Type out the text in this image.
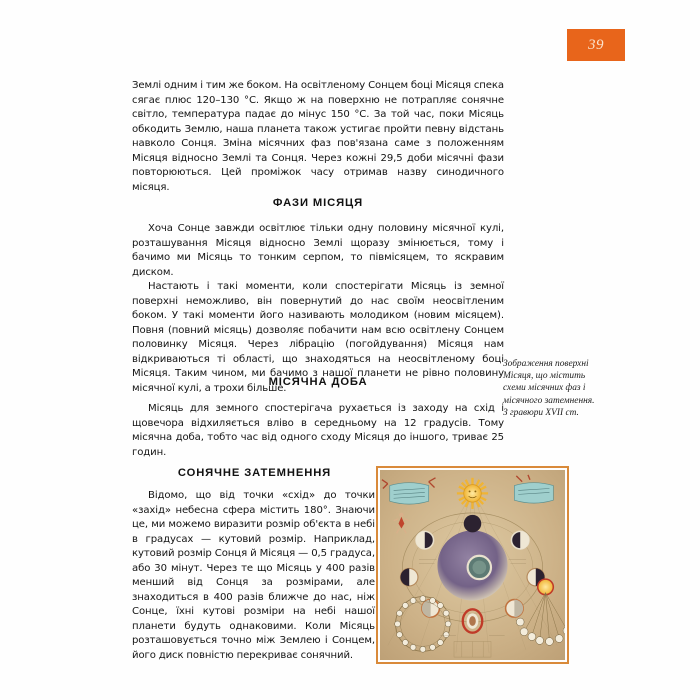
39

Землі одним і тим же боком. На освітленому Сонцем боці Місяця спека сягає плюс 120–130 °С. Якщо ж на поверхню не потрапляє сонячне світло, температура падає до мінус 150 °С. За той час, поки Місяць обкодить Землю, наша планета також устигає пройти певну відстань навколо Сонця. Зміна місячних фаз пов'язана саме з положенням Місяця відносно Землі та Сонця. Через кожні 29,5 доби місячні фази повторюються. Цей проміжок часу отримав назву синодичного місяця.

ФАЗИ МІСЯЦЯ

Хоча Сонце завжди освітлює тільки одну половину місячної кулі, розташування Місяця відносно Землі щоразу змінюється, тому і бачимо ми Місяць то тонким серпом, то півмісяцем, то яскравим диском.

Настають і такі моменти, коли спостерігати Місяць із земної поверхні неможливо, він повернутий до нас своїм неосвітленим боком. У такі моменти його називають молодиком (новим місяцем). Повня (повний місяць) дозволяє побачити нам всю освітлену Сонцем половинку Місяця. Через лібрацію (погойдування) Місяця нам відкриваються ті області, що знаходяться на неосвітленому боці Місяця. Таким чином, ми бачимо з нашої планети не рівно половину місячної кулі, а трохи більше.

МІСЯЧНА ДОБА

Місяць для земного спостерігача рухається із заходу на схід і щовечора відхиляється вліво в середньому на 12 градусів. Тому місячна доба, тобто час від одного сходу Місяця до іншого, триває 25 годин.

СОНЯЧНЕ ЗАТЕМНЕННЯ

Відомо, що від точки «схід» до точки «захід» небесна сфера містить 180°. Знаючи це, ми можемо виразити розмір об'єкта в небі в градусах — кутовий розмір. Наприклад, кутовий розмір Сонця й Місяця — 0,5 градуса, або 30 мінут. Через те що Місяць у 400 разів менший від Сонця за розмірами, але знаходиться в 400 разів ближче до нас, ніж Сонце, їхні кутові розміри на небі нашої планети будуть однаковими. Коли Місяць розташовується точно між Землею і Сонцем, його диск повністю перекриває сонячний.

Зображення поверхні Місяця, що містить схеми місячних фаз і місячного затемнення. З гравюри XVII ст.
